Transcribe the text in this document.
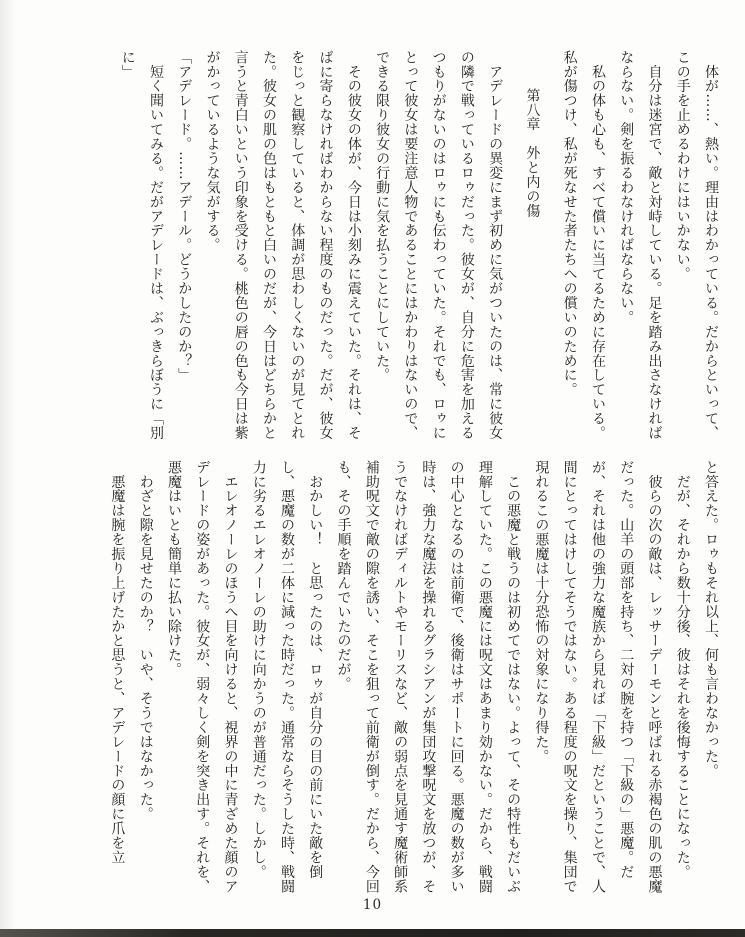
　体が……、熱い。理由はわかっている。だからといって、この手を止めるわけにはいかない。

　自分は迷宮で、敵と対峙している。足を踏み出さなければならない。剣を振るわなければならない。

　私の体も心も、すべて償いに当てるために存在している。私が傷つけ、私が死なせた者たちへの償いのために。

第八章　外と内の傷

　アデレードの異変にまず初めに気がついたのは、常に彼女の隣で戦っているロゥだった。彼女が、自分に危害を加えるつもりがないのはロゥにも伝わっていた。それでも、ロゥにとって彼女は要注意人物であることにはかわりはないので、できる限り彼女の行動に気を払うことにしていた。

　その彼女の体が、今日は小刻みに震えていた。それは、そばに寄らなければわからない程度のものだった。だが、彼女をじっと観察していると、体調が思わしくないのが見てとれた。彼女の肌の色はもともと白いのだが、今日はどちらかと言うと青白いという印象を受ける。桃色の唇の色も今日は紫がかっているような気がする。

「アデレード。……アデール。どうかしたのか？」

　短く聞いてみる。だがアデレードは、ぶっきらぼうに「別に」

と答えた。ロゥもそれ以上、何も言わなかった。

　だが、それから数十分後、彼はそれを後悔することになった。

　彼らの次の敵は、レッサーデーモンと呼ばれる赤褐色の肌の悪魔だった。山羊の頭部を持ち、二対の腕を持つ「下級の」悪魔。だが、それは他の強力な魔族から見れば「下級」だということで、人間にとってはけしてそうではない。ある程度の呪文を操り、集団で現れるこの悪魔は十分恐怖の対象になり得た。

　この悪魔と戦うのは初めてではない。よって、その特性もだいぶ理解していた。この悪魔には呪文はあまり効かない。だから、戦闘の中心となるのは前衛で、後衛はサポートに回る。悪魔の数が多い時は、強力な魔法を操れるグラシアンが集団攻撃呪文を放つが、そうでなければディルトやモーリスなど、敵の弱点を見通す魔術師系補助呪文で敵の隙を誘い、そこを狙って前衛が倒す。だから、今回も、その手順を踏んでいたのだが。

　おかしい！　と思ったのは、ロゥが自分の目の前にいた敵を倒し、悪魔の数が二体に減った時だった。通常ならそうした時、戦闘力に劣るエレオノーレの助けに向かうのが普通だった。しかし。

　エレオノーレのほうへ目を向けると、視界の中に青ざめた顔のアデレードの姿があった。彼女が、弱々しく剣を突き出す。それを、悪魔はいとも簡単に払い除けた。

　わざと隙を見せたのか？　いや、そうではなかった。

　悪魔は腕を振り上げたかと思うと、アデレードの顔に爪を立

10
